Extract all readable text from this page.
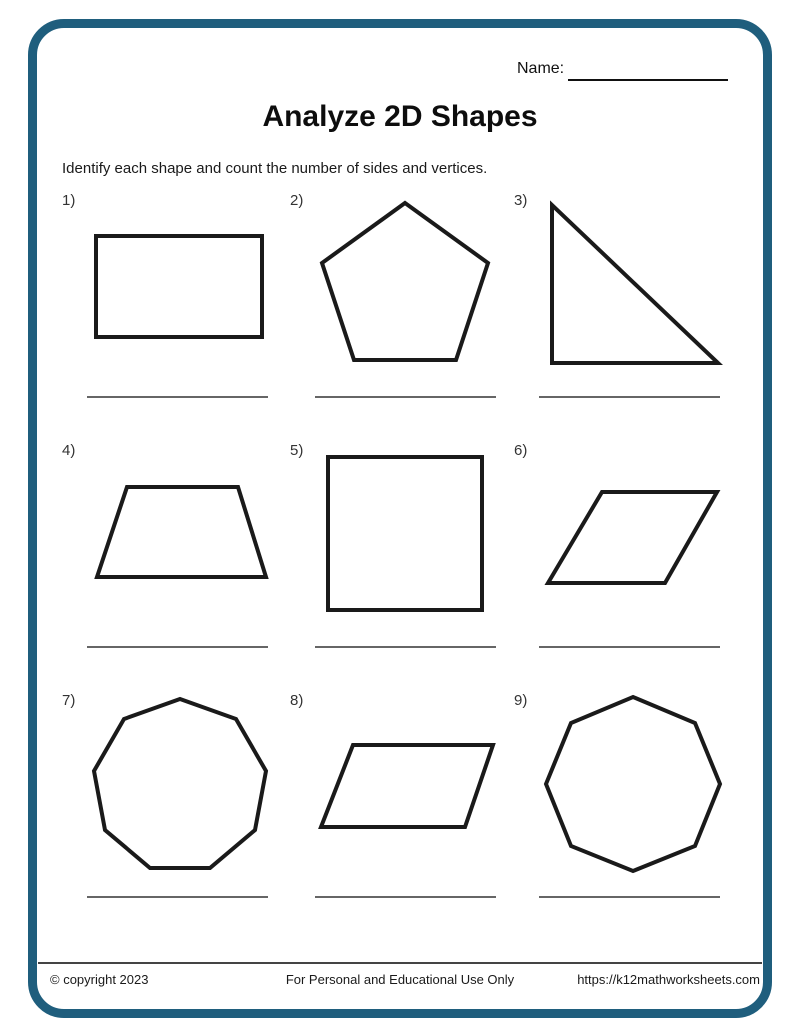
Name:
Analyze 2D Shapes
Identify each shape and count the number of sides and vertices.
1)	2)	3)
4)	5)	6)
7)	8)	9)
© copyright 2023	For Personal and Educational Use Only	https://k12mathworksheets.com
